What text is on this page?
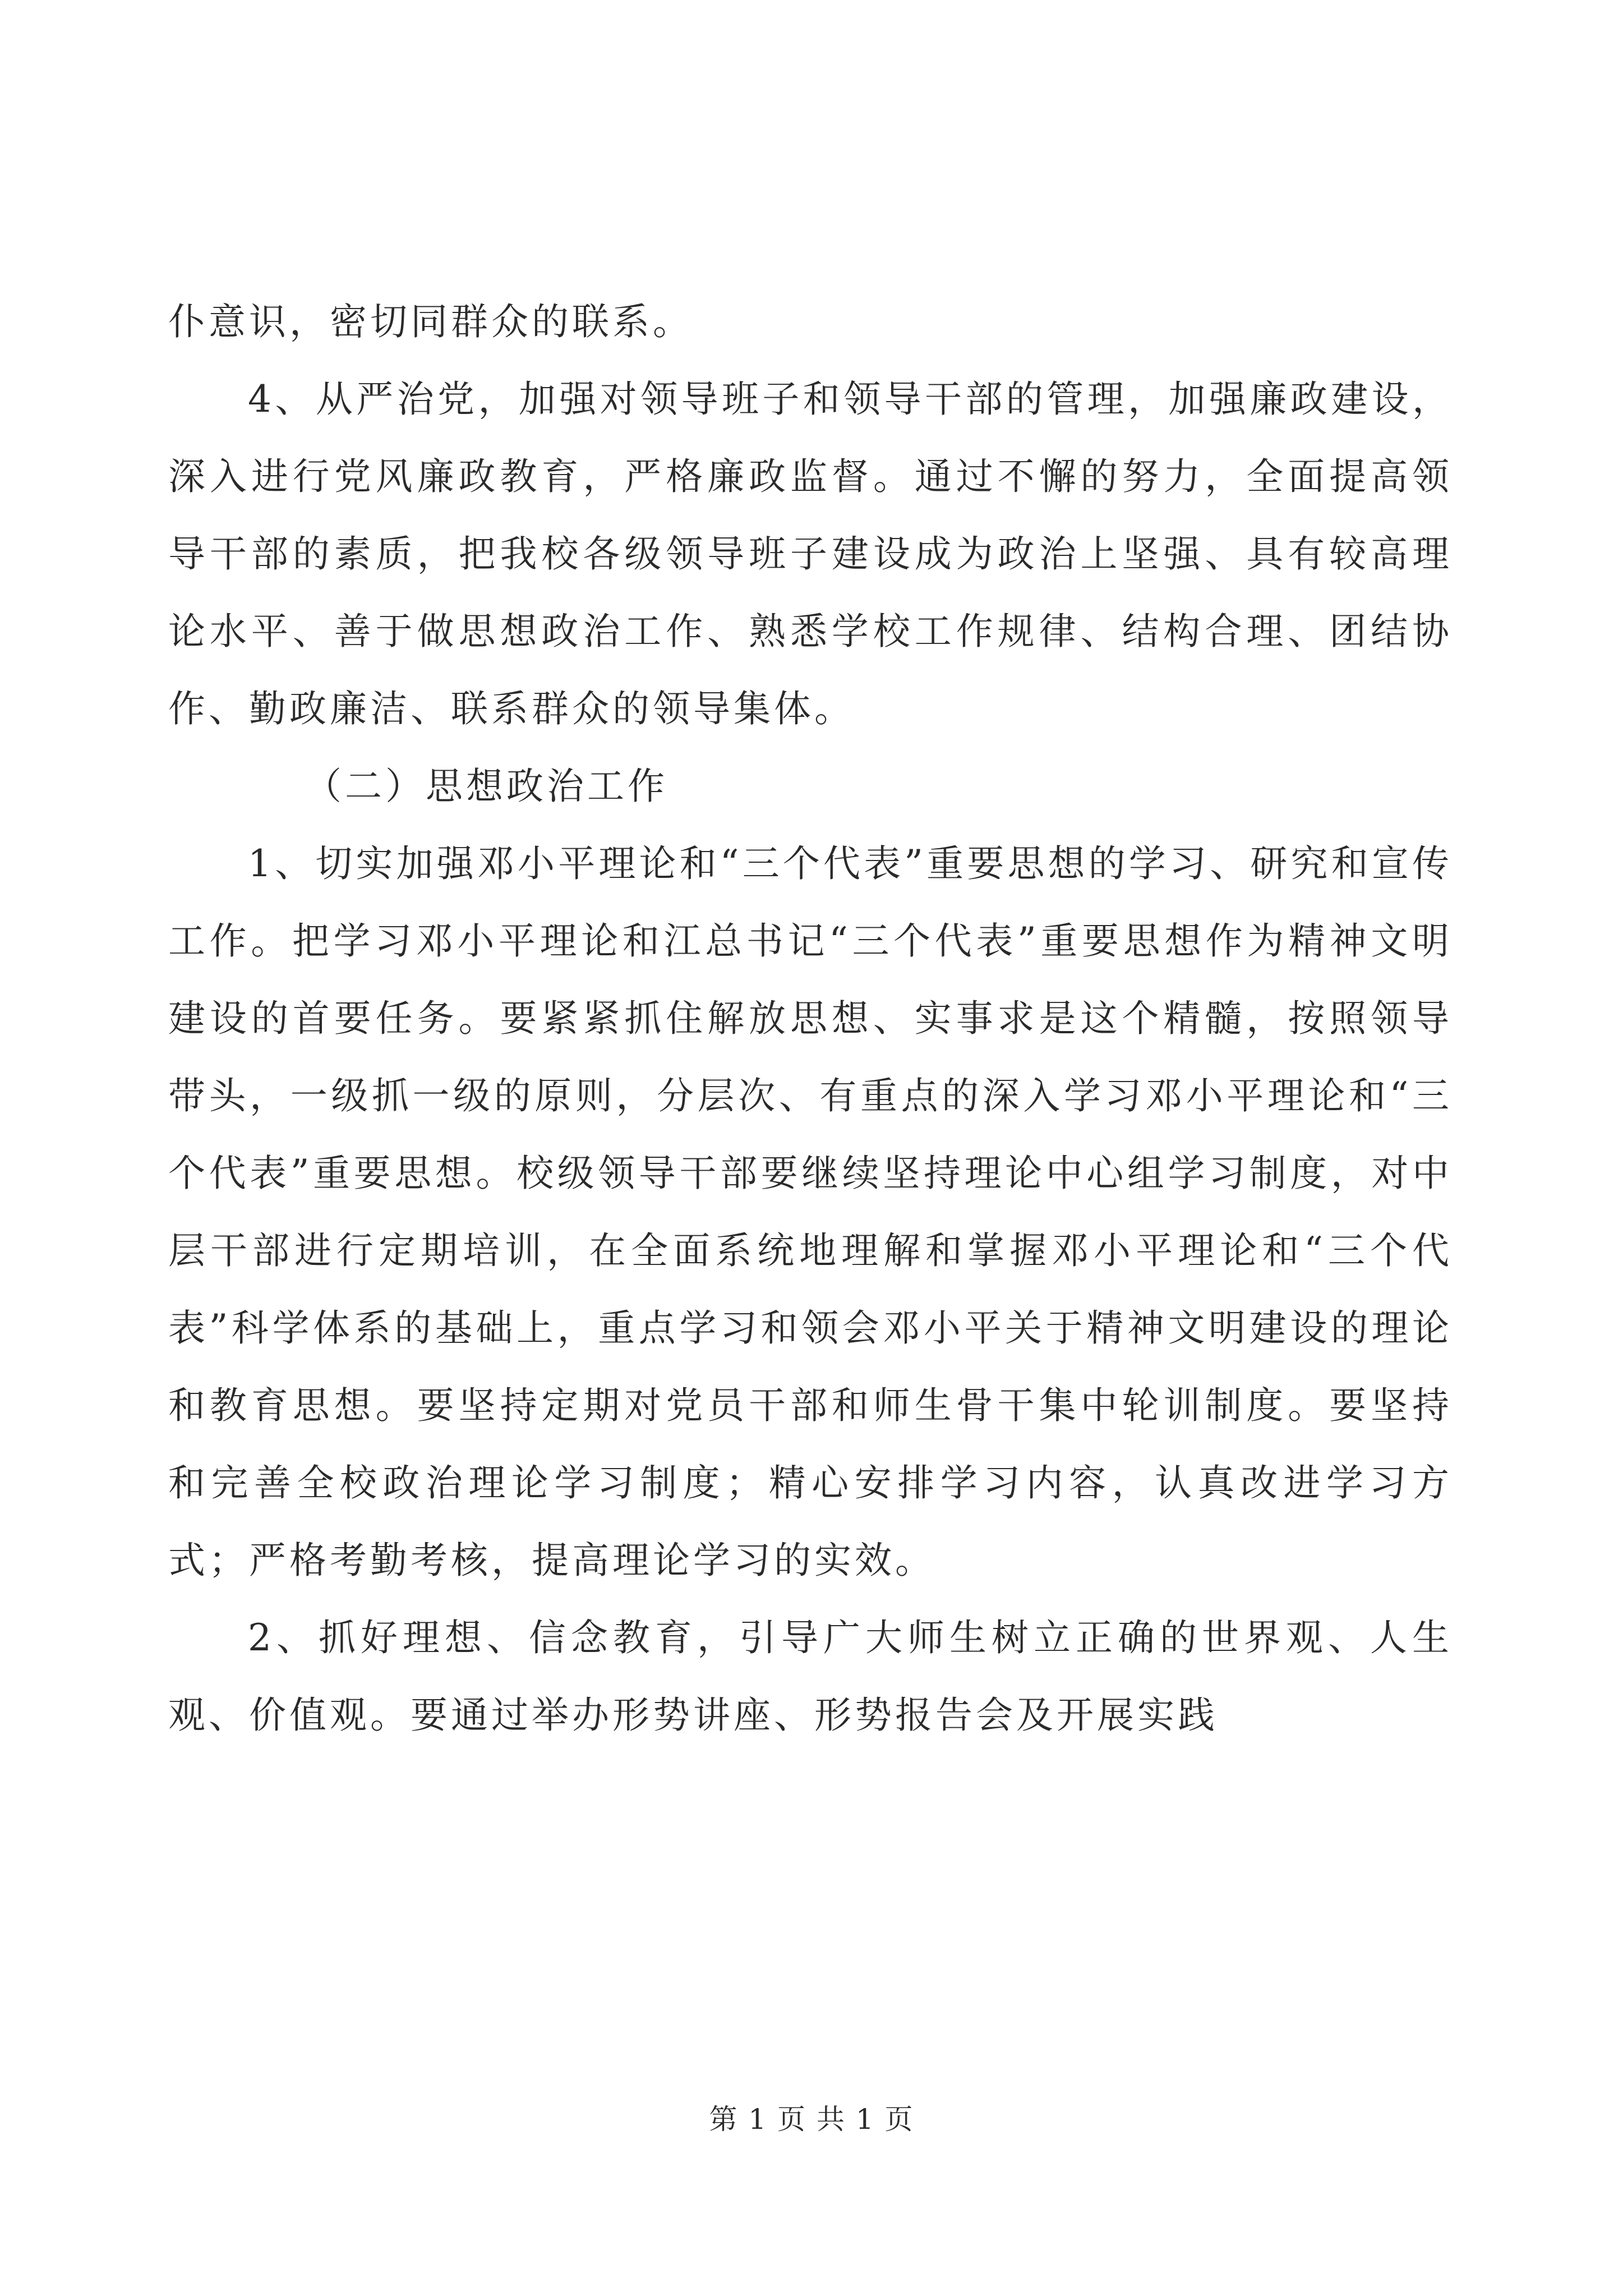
仆意识，密切同群众的联系。

4、从严治党，加强对领导班子和领导干部的管理，加强廉政建设，深入进行党风廉政教育，严格廉政监督。通过不懈的努力，全面提高领导干部的素质，把我校各级领导班子建设成为政治上坚强、具有较高理论水平、善于做思想政治工作、熟悉学校工作规律、结构合理、团结协作、勤政廉洁、联系群众的领导集体。

（二）思想政治工作

1、切实加强邓小平理论和“三个代表”重要思想的学习、研究和宣传工作。把学习邓小平理论和江总书记“三个代表”重要思想作为精神文明建设的首要任务。要紧紧抓住解放思想、实事求是这个精髓，按照领导带头，一级抓一级的原则，分层次、有重点的深入学习邓小平理论和“三个代表”重要思想。校级领导干部要继续坚持理论中心组学习制度，对中层干部进行定期培训，在全面系统地理解和掌握邓小平理论和“三个代表”科学体系的基础上，重点学习和领会邓小平关于精神文明建设的理论和教育思想。要坚持定期对党员干部和师生骨干集中轮训制度。要坚持和完善全校政治理论学习制度；精心安排学习内容，认真改进学习方式；严格考勤考核，提高理论学习的实效。

2、抓好理想、信念教育，引导广大师生树立正确的世界观、人生观、价值观。要通过举办形势讲座、形势报告会及开展实践

第 1 页 共 1 页
